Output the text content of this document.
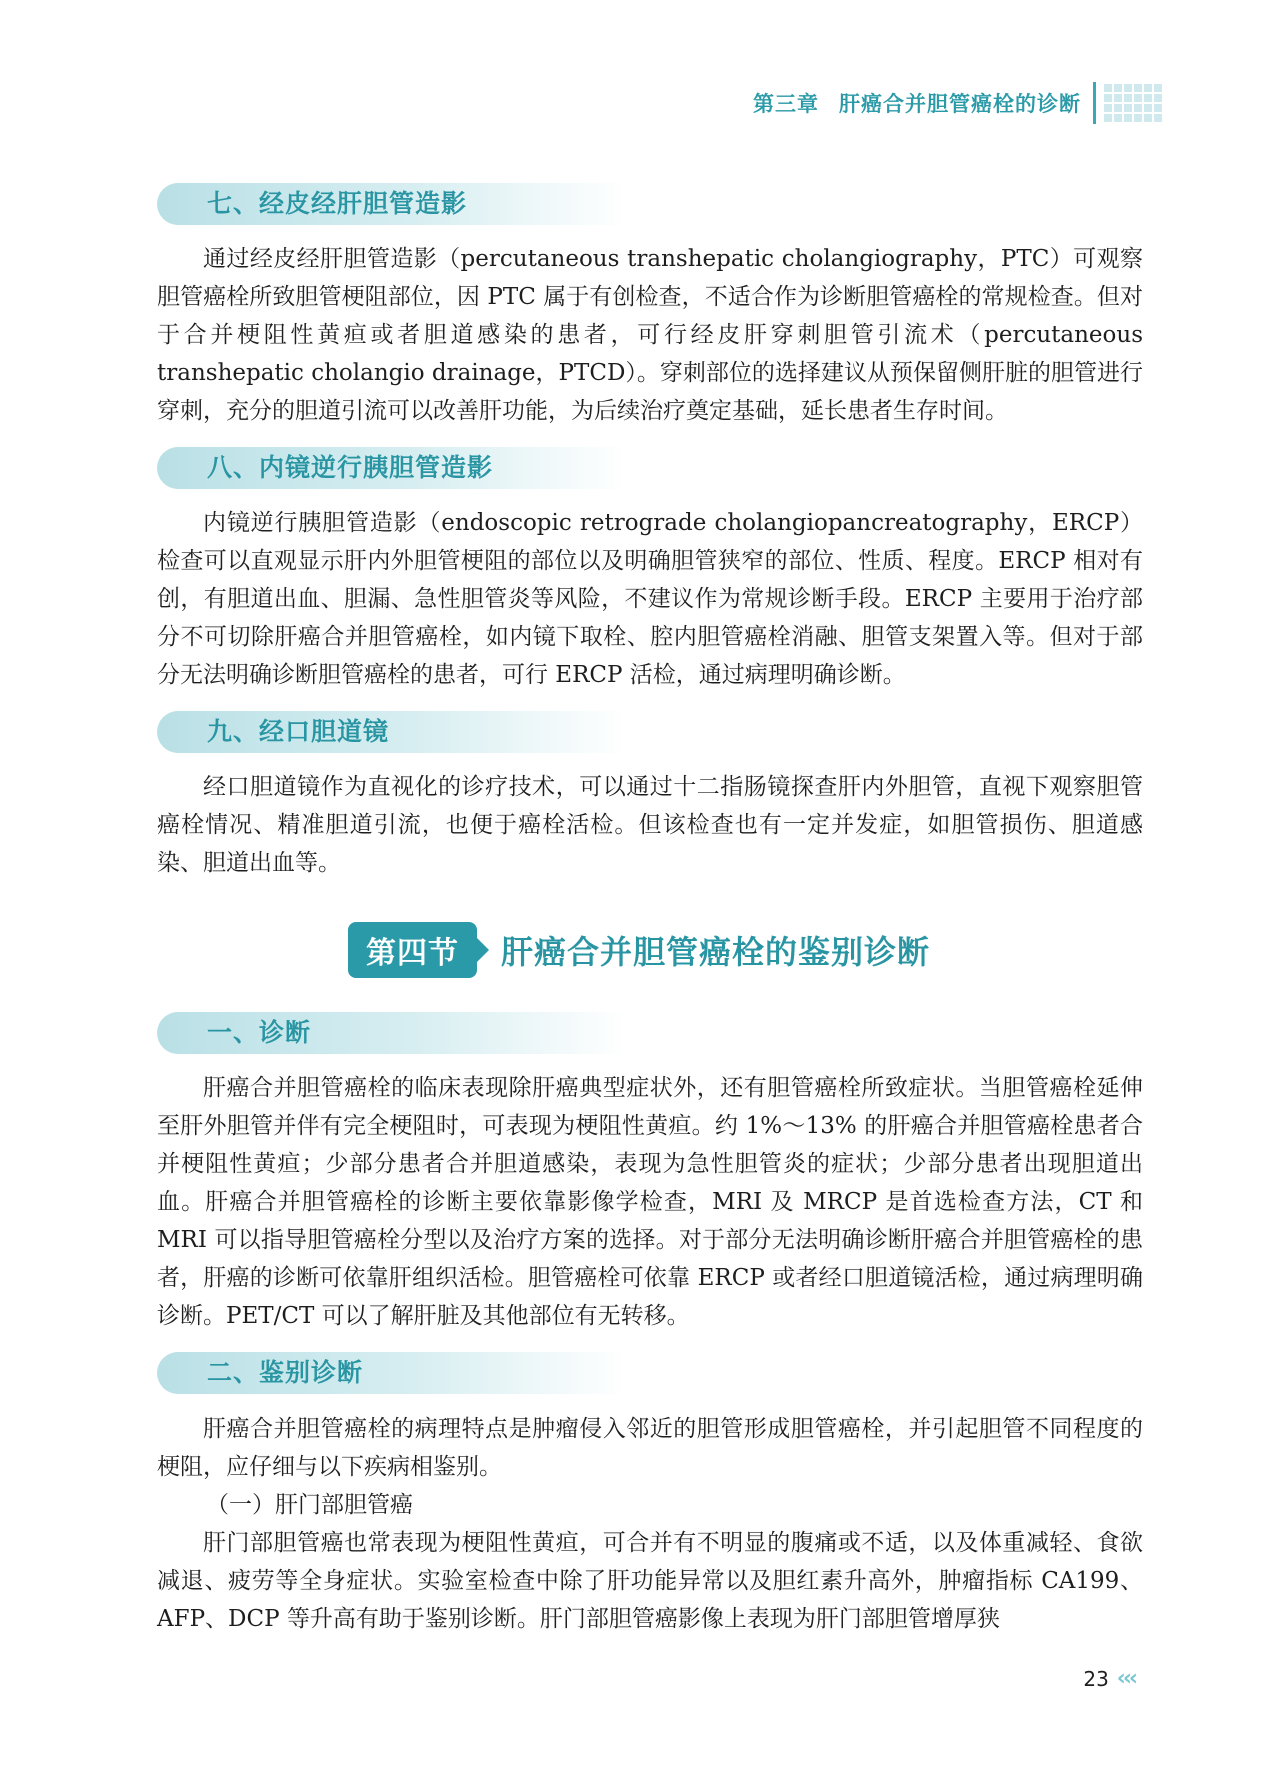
第三章 肝癌合并胆管癌栓的诊断
七、经皮经肝胆管造影

通过经皮经肝胆管造影（percutaneous transhepatic cholangiography，PTC）可观察胆管癌栓所致胆管梗阻部位，因 PTC 属于有创检查，不适合作为诊断胆管癌栓的常规检查。但对于合并梗阻性黄疸或者胆道感染的患者，可行经皮肝穿刺胆管引流术（percutaneous transhepatic cholangio drainage，PTCD）。穿刺部位的选择建议从预保留侧肝脏的胆管进行穿刺，充分的胆道引流可以改善肝功能，为后续治疗奠定基础，延长患者生存时间。

八、内镜逆行胰胆管造影

内镜逆行胰胆管造影（endoscopic retrograde cholangiopancreatography，ERCP）检查可以直观显示肝内外胆管梗阻的部位以及明确胆管狭窄的部位、性质、程度。ERCP 相对有创，有胆道出血、胆漏、急性胆管炎等风险，不建议作为常规诊断手段。ERCP 主要用于治疗部分不可切除肝癌合并胆管癌栓，如内镜下取栓、腔内胆管癌栓消融、胆管支架置入等。但对于部分无法明确诊断胆管癌栓的患者，可行 ERCP 活检，通过病理明确诊断。

九、经口胆道镜

经口胆道镜作为直视化的诊疗技术，可以通过十二指肠镜探查肝内外胆管，直视下观察胆管癌栓情况、精准胆道引流，也便于癌栓活检。但该检查也有一定并发症，如胆管损伤、胆道感染、胆道出血等。

第四节	肝癌合并胆管癌栓的鉴别诊断
一、诊断

肝癌合并胆管癌栓的临床表现除肝癌典型症状外，还有胆管癌栓所致症状。当胆管癌栓延伸至肝外胆管并伴有完全梗阻时，可表现为梗阻性黄疸。约 1%～13% 的肝癌合并胆管癌栓患者合并梗阻性黄疸；少部分患者合并胆道感染，表现为急性胆管炎的症状；少部分患者出现胆道出血。肝癌合并胆管癌栓的诊断主要依靠影像学检查，MRI 及 MRCP 是首选检查方法，CT 和 MRI 可以指导胆管癌栓分型以及治疗方案的选择。对于部分无法明确诊断肝癌合并胆管癌栓的患者，肝癌的诊断可依靠肝组织活检。胆管癌栓可依靠 ERCP 或者经口胆道镜活检，通过病理明确诊断。PET/CT 可以了解肝脏及其他部位有无转移。

二、鉴别诊断

肝癌合并胆管癌栓的病理特点是肿瘤侵入邻近的胆管形成胆管癌栓，并引起胆管不同程度的梗阻，应仔细与以下疾病相鉴别。

（一）肝门部胆管癌

肝门部胆管癌也常表现为梗阻性黄疸，可合并有不明显的腹痛或不适，以及体重减轻、食欲减退、疲劳等全身症状。实验室检查中除了肝功能异常以及胆红素升高外，肿瘤指标 CA199、AFP、DCP 等升高有助于鉴别诊断。肝门部胆管癌影像上表现为肝门部胆管增厚狭

23 ‹‹‹
